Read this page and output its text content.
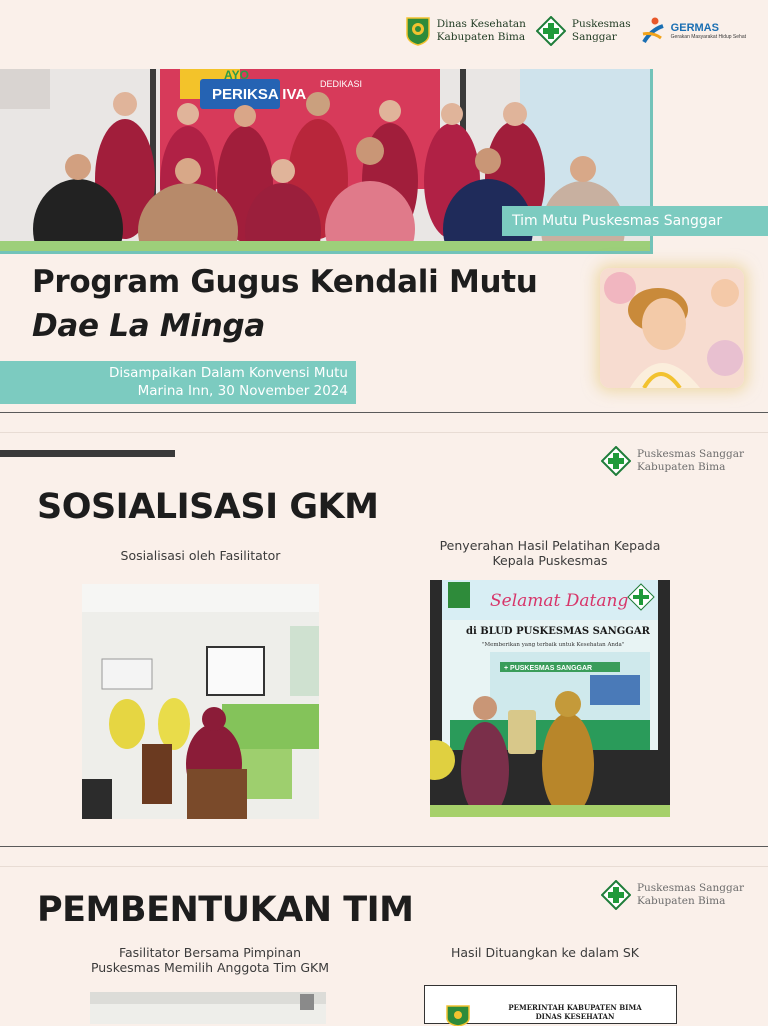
Dinas Kesehatan
Kabupaten Bima
Puskesmas
Sanggar
GERMAS
Gerakan Masyarakat Hidup Sehat
PERIKSA IVA
AYO
DEDIKASI
Tim Mutu Puskesmas Sanggar
Program Gugus Kendali Mutu
Dae La Minga
Disampaikan Dalam Konvensi Mutu
Marina Inn, 30 November 2024
Puskesmas Sanggar
Kabupaten Bima
SOSIALISASI GKM
Sosialisasi oleh Fasilitator
Penyerahan Hasil Pelatihan Kepada
Kepala Puskesmas
Selamat Datang
di BLUD PUSKESMAS SANGGAR
"Memberikan yang terbaik untuk Kesehatan Anda"
+ PUSKESMAS SANGGAR
Puskesmas Sanggar
Kabupaten Bima
PEMBENTUKAN TIM
Fasilitator Bersama Pimpinan
Puskesmas Memilih Anggota Tim GKM
Hasil Dituangkan ke dalam SK
PEMERINTAH KABUPATEN BIMA
DINAS KESEHATAN
